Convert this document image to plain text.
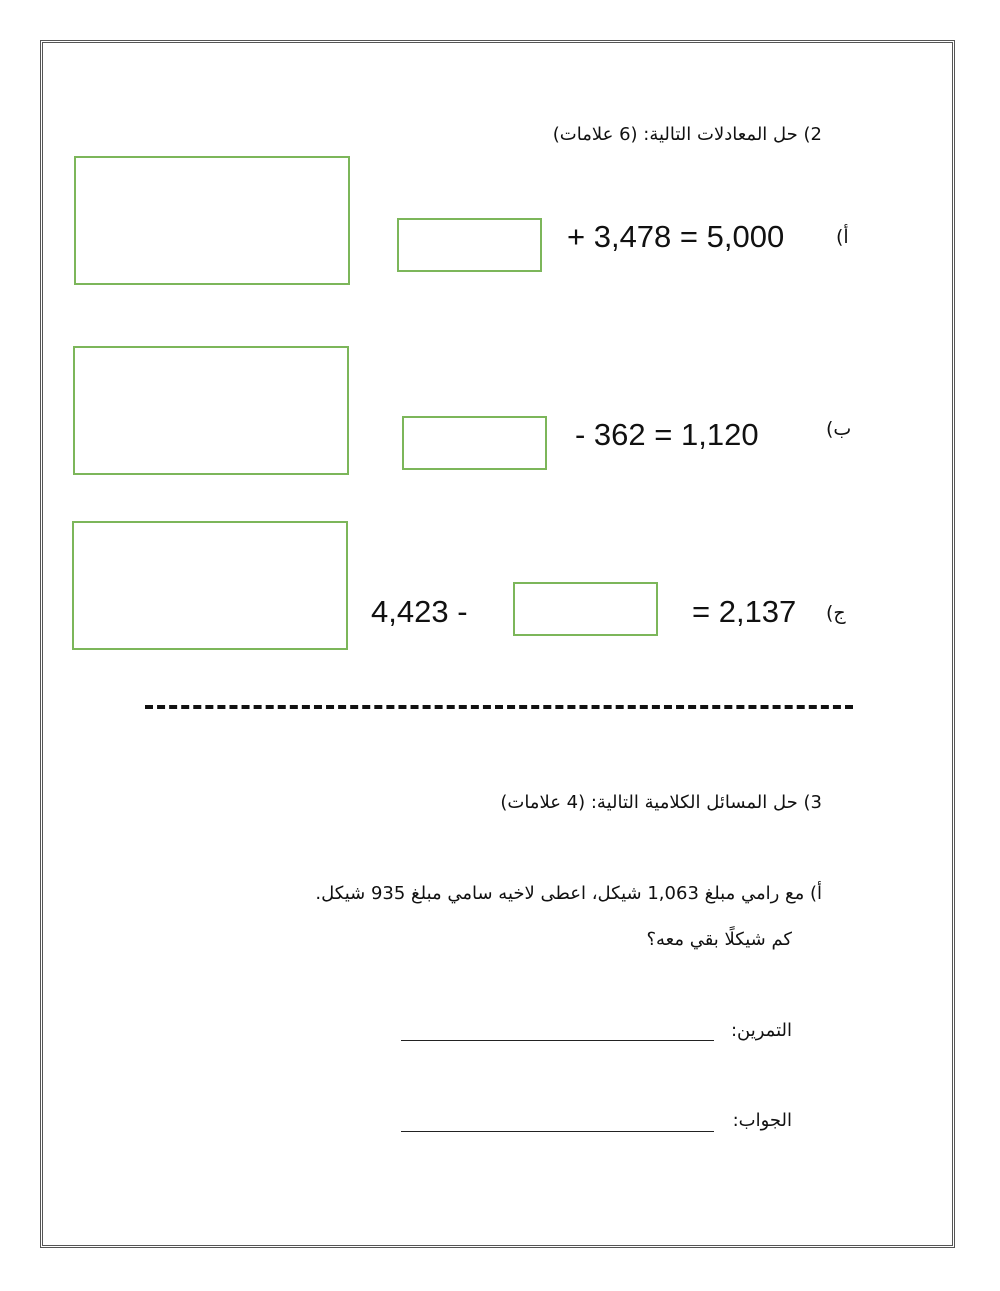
2) حل المعادلات التالية: (6 علامات)
+ 3,478 = 5,000	أ)
- 362 = 1,120	ب)
4,423 -	= 2,137 ج)
3) حل المسائل الكلامية التالية: (4 علامات)
أ) مع رامي مبلغ 1,063 شيكل، اعطى لاخيه سامي مبلغ 935 شيكل.
كم شيكلًا بقي معه؟
التمرين:
الجواب:
